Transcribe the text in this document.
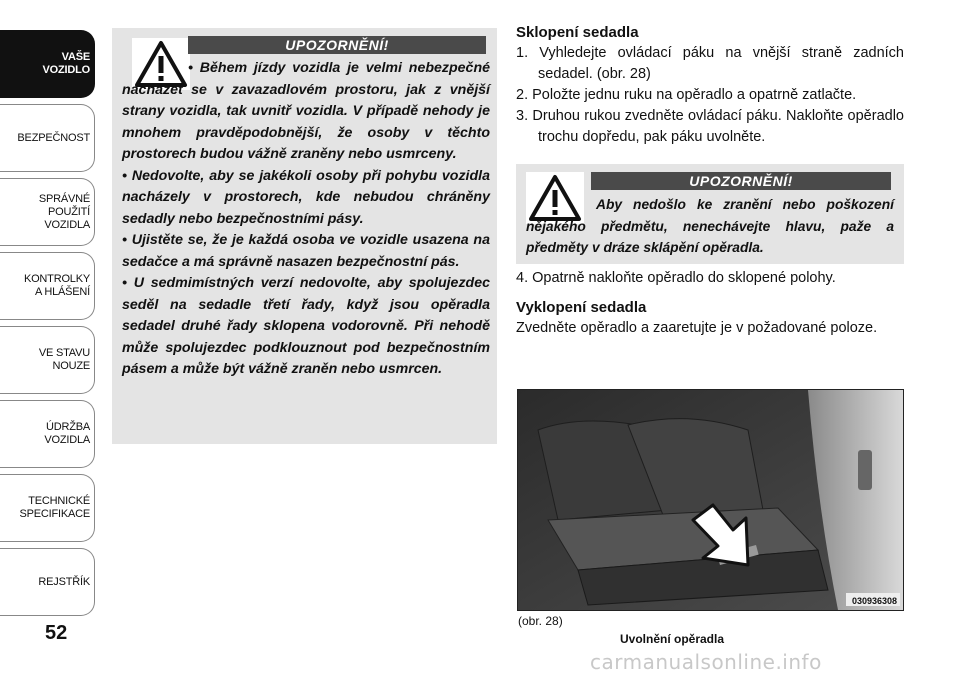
VAŠE
VOZIDLO
BEZPEČNOST
SPRÁVNÉ
POUŽITÍ
VOZIDLA
KONTROLKY
A HLÁŠENÍ
VE STAVU
NOUZE
ÚDRŽBA
VOZIDLA
TECHNICKÉ
SPECIFIKACE
REJSTŘÍK
52
UPOZORNĚNÍ!

• Během jízdy vozidla je velmi nebezpečné nacházet se v zavazadlovém prostoru, jak z vnější strany vozidla, tak uvnitř vozidla. V případě nehody je mnohem pravděpodobnější, že osoby v těchto prostorech budou vážně zraněny nebo usmrceny.

• Nedovolte, aby se jakékoli osoby při pohybu vozidla nacházely v prostorech, kde nebudou chráněny sedadly nebo bezpečnostními pásy.

• Ujistěte se, že je každá osoba ve vozidle usazena na sedačce a má správně nasazen bezpečnostní pás.

• U sedmimístných verzí nedovolte, aby spolujezdec seděl na sedadle třetí řady, když jsou opěradla sedadel druhé řady sklopena vodorovně. Při nehodě může spolujezdec podklouznout pod bezpečnostním pásem a může být vážně zraněn nebo usmrcen.

Sklopení sedadla

1. Vyhledejte ovládací páku na vnější straně zadních sedadel. (obr. 28)
2. Položte jednu ruku na opěradlo a opatrně zatlačte.
3. Druhou rukou zvedněte ovládací páku. Nakloňte opěradlo trochu dopředu, pak páku uvolněte.
UPOZORNĚNÍ!

Aby nedošlo ke zranění nebo poškození nějakého předmětu, nenechávejte hlavu, paže a předměty v dráze sklápění opěradla.

4. Opatrně nakloňte opěradlo do sklopené polohy.

Vyklopení sedadla

Zvedněte opěradlo a zaaretujte je v požadované poloze.

030936308
(obr. 28)
Uvolnění opěradla
carmanualsonline.info
